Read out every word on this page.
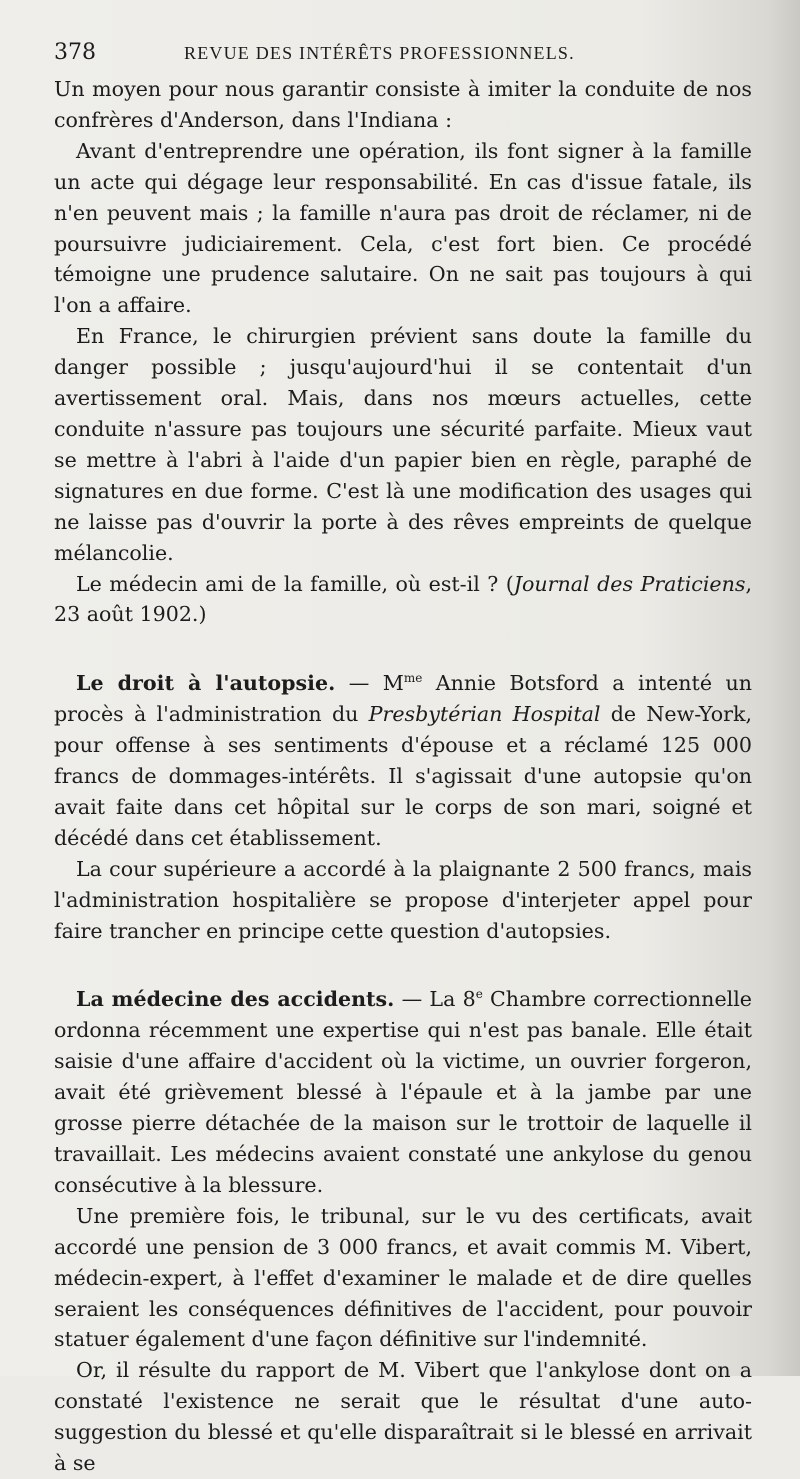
378	REVUE DES INTÉRÊTS PROFESSIONNELS.

Un moyen pour nous garantir consiste à imiter la conduite de nos confrères d'Anderson, dans l'Indiana :

Avant d'entreprendre une opération, ils font signer à la famille un acte qui dégage leur responsabilité. En cas d'issue fatale, ils n'en peuvent mais ; la famille n'aura pas droit de réclamer, ni de poursuivre judiciairement. Cela, c'est fort bien. Ce procédé témoigne une prudence salutaire. On ne sait pas toujours à qui l'on a affaire.

En France, le chirurgien prévient sans doute la famille du danger possible ; jusqu'aujourd'hui il se contentait d'un avertissement oral. Mais, dans nos mœurs actuelles, cette conduite n'assure pas toujours une sécurité parfaite. Mieux vaut se mettre à l'abri à l'aide d'un papier bien en règle, paraphé de signatures en due forme. C'est là une modification des usages qui ne laisse pas d'ouvrir la porte à des rêves empreints de quelque mélancolie.

Le médecin ami de la famille, où est-il ? (Journal des Praticiens, 23 août 1902.)

Le droit à l'autopsie. — $M^{me}$ Annie Botsford a intenté un procès à l'administration du Presbytérian Hospital de New-York, pour offense à ses sentiments d'épouse et a réclamé 125 000 francs de dommages-intérêts. Il s'agissait d'une autopsie qu'on avait faite dans cet hôpital sur le corps de son mari, soigné et décédé dans cet établissement.

La cour supérieure a accordé à la plaignante 2 500 francs, mais l'administration hospitalière se propose d'interjeter appel pour faire trancher en principe cette question d'autopsies.

La médecine des accidents. — La 8e Chambre correctionnelle ordonna récemment une expertise qui n'est pas banale. Elle était saisie d'une affaire d'accident où la victime, un ouvrier forgeron, avait été grièvement blessé à l'épaule et à la jambe par une grosse pierre détachée de la maison sur le trottoir de laquelle il travaillait. Les médecins avaient constaté une ankylose du genou consécutive à la blessure.

Une première fois, le tribunal, sur le vu des certificats, avait accordé une pension de 3 000 francs, et avait commis M. Vibert, médecin-expert, à l'effet d'examiner le malade et de dire quelles seraient les conséquences définitives de l'accident, pour pouvoir statuer également d'une façon définitive sur l'indemnité.

Or, il résulte du rapport de M. Vibert que l'ankylose dont on a constaté l'existence ne serait que le résultat d'une auto-suggestion du blessé et qu'elle disparaîtrait si le blessé en arrivait à se
